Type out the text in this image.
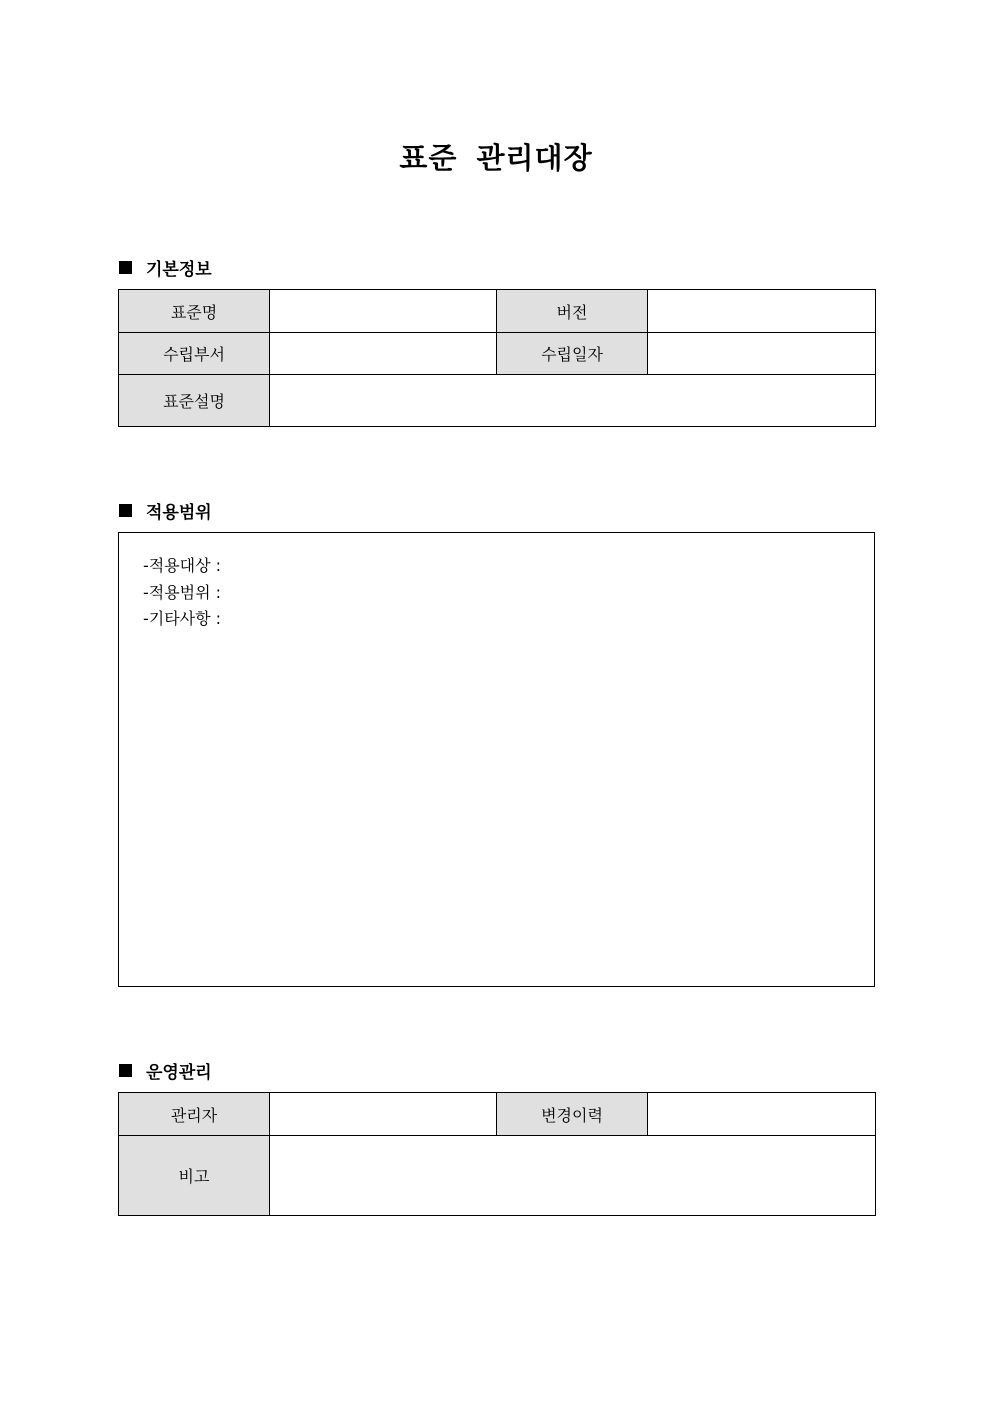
표준 관리대장
기본정보
표준명		버전	
수립부서		수립일자	
표준설명			
적용범위
-적용대상 :
-적용범위 :
-기타사항 :
운영관리
관리자		변경이력	
비고			
